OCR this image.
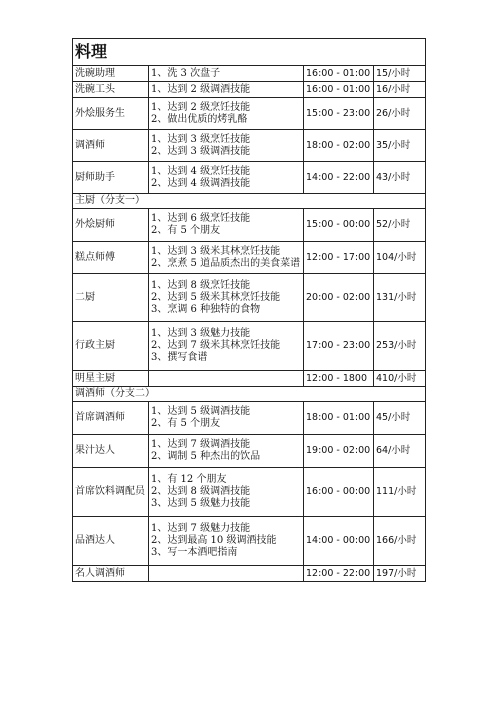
料理			
洗碗助理	1、洗 3 次盘子	16:00 - 01:00	15/小时
洗碗工头	1、达到 2 级调酒技能	16:00 - 01:00	16/小时
外烩服务生	1、达到 2 级烹饪技能
2、做出优质的烤乳酪	15:00 - 23:00	26/小时
调酒师	1、达到 3 级烹饪技能
2、达到 3 级调酒技能	18:00 - 02:00	35/小时
厨师助手	1、达到 4 级烹饪技能
2、达到 4 级调酒技能	14:00 - 22:00	43/小时
主厨（分支一）			
外烩厨师	1、达到 6 级烹饪技能
2、有 5 个朋友	15:00 - 00:00	52/小时
糕点师傅	1、达到 3 级米其林烹饪技能
2、烹煮 5 道品质杰出的美食菜谱	12:00 - 17:00	104/小时
二厨	1、达到 8 级烹饪技能
2、达到 5 级米其林烹饪技能
3、烹调 6 种独特的食物	20:00 - 02:00	131/小时
行政主厨	1、达到 3 级魅力技能
2、达到 7 级米其林烹饪技能
3、撰写食谱	17:00 - 23:00	253/小时
明星主厨		12:00 - 1800	410/小时
调酒师（分支二）			
首席调酒师	1、达到 5 级调酒技能
2、有 5 个朋友	18:00 - 01:00	45/小时
果汁达人	1、达到 7 级调酒技能
2、调制 5 种杰出的饮品	19:00 - 02:00	64/小时
首席饮料调配员	1、有 12 个朋友
2、达到 8 级调酒技能
3、达到 5 级魅力技能	16:00 - 00:00	111/小时
品酒达人	1、达到 7 级魅力技能
2、达到最高 10 级调酒技能
3、写一本酒吧指南	14:00 - 00:00	166/小时
名人调酒师		12:00 - 22:00	197/小时
